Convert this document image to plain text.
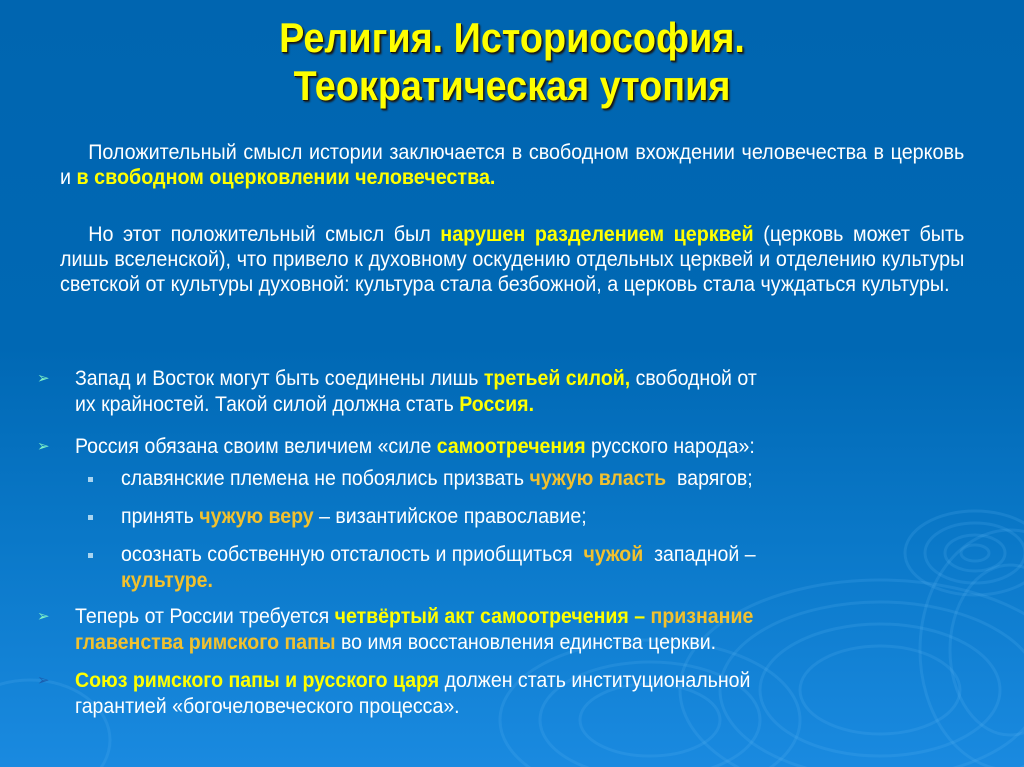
Религия. Историософия.
Теократическая утопия
Положительный смысл истории заключается в свободном вхождении человечества в церковь и в свободном оцерковлении человечества.
Но этот положительный смысл был нарушен разделением церквей (церковь может быть лишь вселенской), что привело к духовному оскудению отдельных церквей и отделению культуры светской от культуры духовной: культура стала безбожной, а церковь стала чуждаться культуры.
➢ Запад и Восток могут быть соединены лишь третьей силой, свободной от
их крайностей. Такой силой должна стать Россия.
➢ Россия обязана своим величием «силе самоотречения русского народа»:
славянские племена не побоялись призвать чужую власть  варягов;
принять чужую веру – византийское православие;
осознать собственную отсталость и приобщиться  чужой  западной –
культуре.
➢ Теперь от России требуется четвёртый акт самоотречения – признание
главенства римского папы во имя восстановления единства церкви.
➢ Союз римского папы и русского царя должен стать институциональной
гарантией «богочеловеческого процесса».
